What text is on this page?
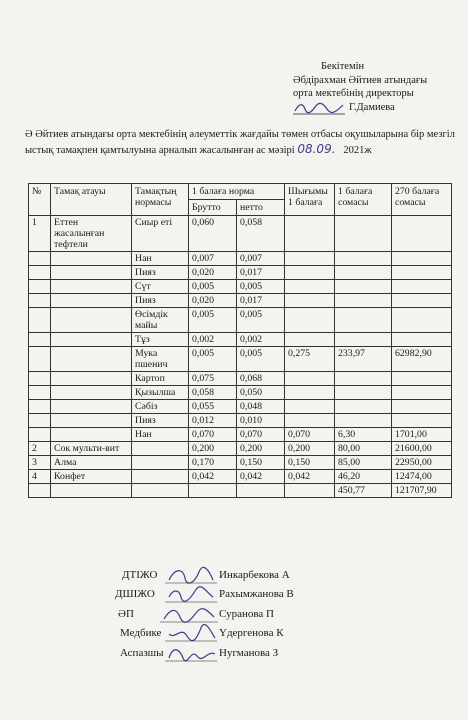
Бекітемін
Әбдірахман Әйтиев атындағы
орта мектебінің директоры
Г.Дамиева
Ә Әйтиев атындағы орта мектебінің әлеуметтік жағдайы төмен отбасы оқушыларына бір мезгіл ыстық тамақпен қамтылуына арналып жасалынған ас мәзірі 08.09. 2021ж
№	Тамақ атауы	Тамақтың нормасы	1 балаға норма		Шығымы 1 балаға	1 балаға сомасы	270 балаға сомасы
			Брутто	нетто			
1	Еттен жасалынған тефтели	Сиыр еті	0,060	0,058			
		Нан	0,007	0,007			
		Пияз	0,020	0,017			
		Сүт	0,005	0,005			
		Пияз	0,020	0,017			
		Өсімдік майы	0,005	0,005			
		Тұз	0,002	0,002			
		Мука пшенич	0,005	0,005	0,275	233,97	62982,90
		Картоп	0,075	0,068			
		Қызылша	0,058	0,050			
		Сәбіз	0,055	0,048			
		Пияз	0,012	0,010			
		Нан	0,070	0,070	0,070	6,30	1701,00
2	Сок мульти-вит		0,200	0,200	0,200	80,00	21600,00
3	Алма		0,170	0,150	0,150	85,00	22950,00
4	Конфет		0,042	0,042	0,042	46,20	12474,00
						450,77	121707,90
ДТІЖО	Инкарбекова А
ДШІЖО	Рахымжанова В
ӘП	Суранова П
Медбике	Үдергенова К
Аспазшы	Нугманова З
